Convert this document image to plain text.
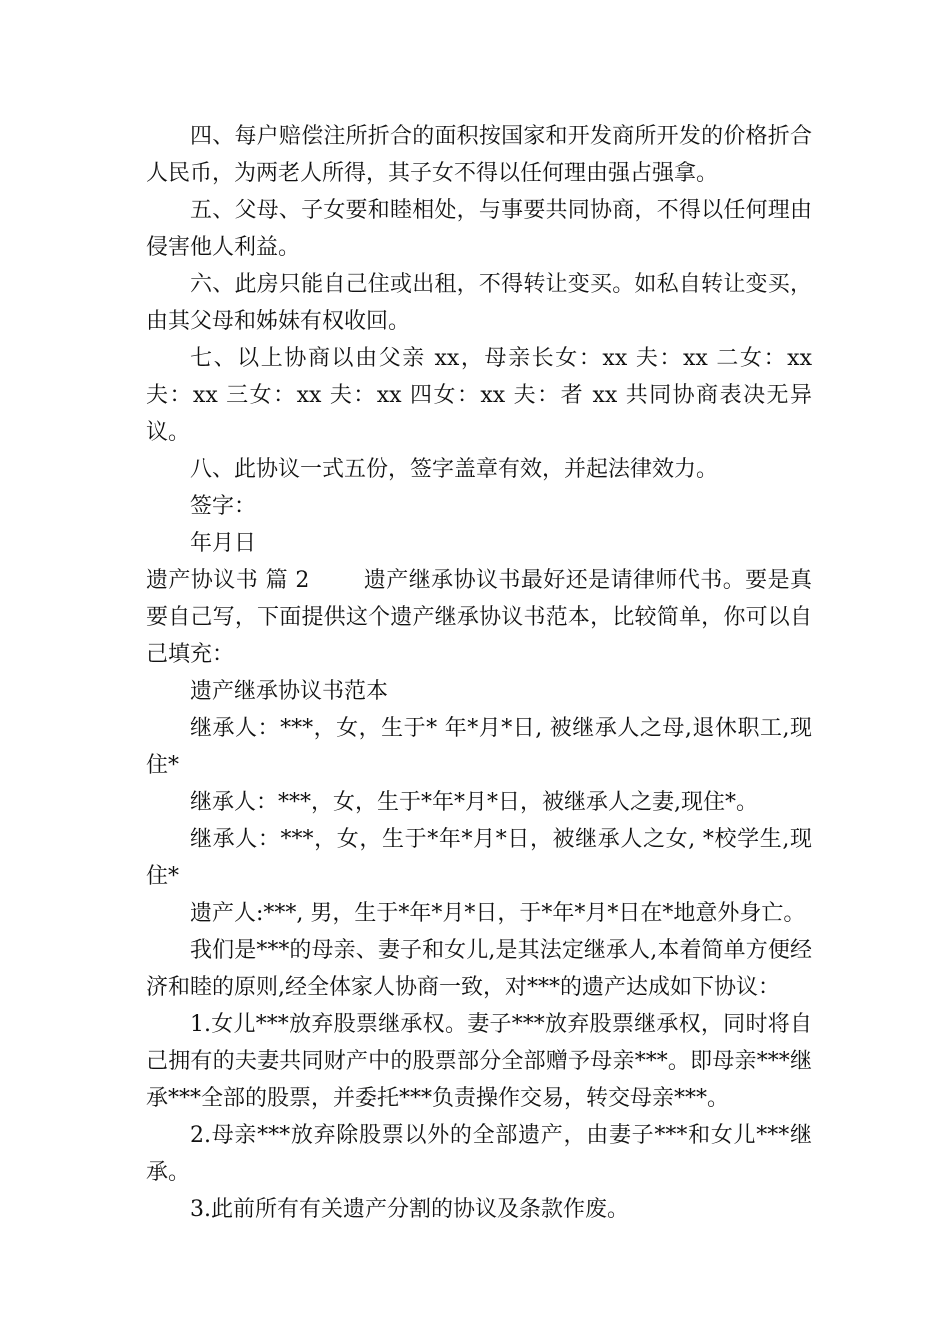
四、每户赔偿注所折合的面积按国家和开发商所开发的价格折合人民币，为两老人所得，其子女不得以任何理由强占强拿。

五、父母、子女要和睦相处，与事要共同协商，不得以任何理由侵害他人利益。

六、此房只能自己住或出租，不得转让变买。如私自转让变买，由其父母和姊妹有权收回。

七、以上协商以由父亲 xx，母亲长女：xx 夫：xx 二女：xx 夫：xx 三女：xx 夫：xx 四女：xx 夫：者 xx 共同协商表决无异议。

八、此协议一式五份，签字盖章有效，并起法律效力。

签字：

年月日

遗产协议书 篇 2 遗产继承协议书最好还是请律师代书。要是真要自己写，下面提供这个遗产继承协议书范本，比较简单，你可以自己填充：

遗产继承协议书范本

继承人：***，女，生于* 年*月*日, 被继承人之母,退休职工,现住*

继承人：***，女，生于*年*月*日，被继承人之妻,现住*。

继承人：***，女，生于*年*月*日，被继承人之女, *校学生,现住*

遗产人:***, 男，生于*年*月*日，于*年*月*日在*地意外身亡。

我们是***的母亲、妻子和女儿,是其法定继承人,本着简单方便经济和睦的原则,经全体家人协商一致，对***的遗产达成如下协议：

1.女儿***放弃股票继承权。妻子***放弃股票继承权，同时将自己拥有的夫妻共同财产中的股票部分全部赠予母亲***。即母亲***继承***全部的股票，并委托***负责操作交易，转交母亲***。

2.母亲***放弃除股票以外的全部遗产，由妻子***和女儿***继承。

3.此前所有有关遗产分割的协议及条款作废。
